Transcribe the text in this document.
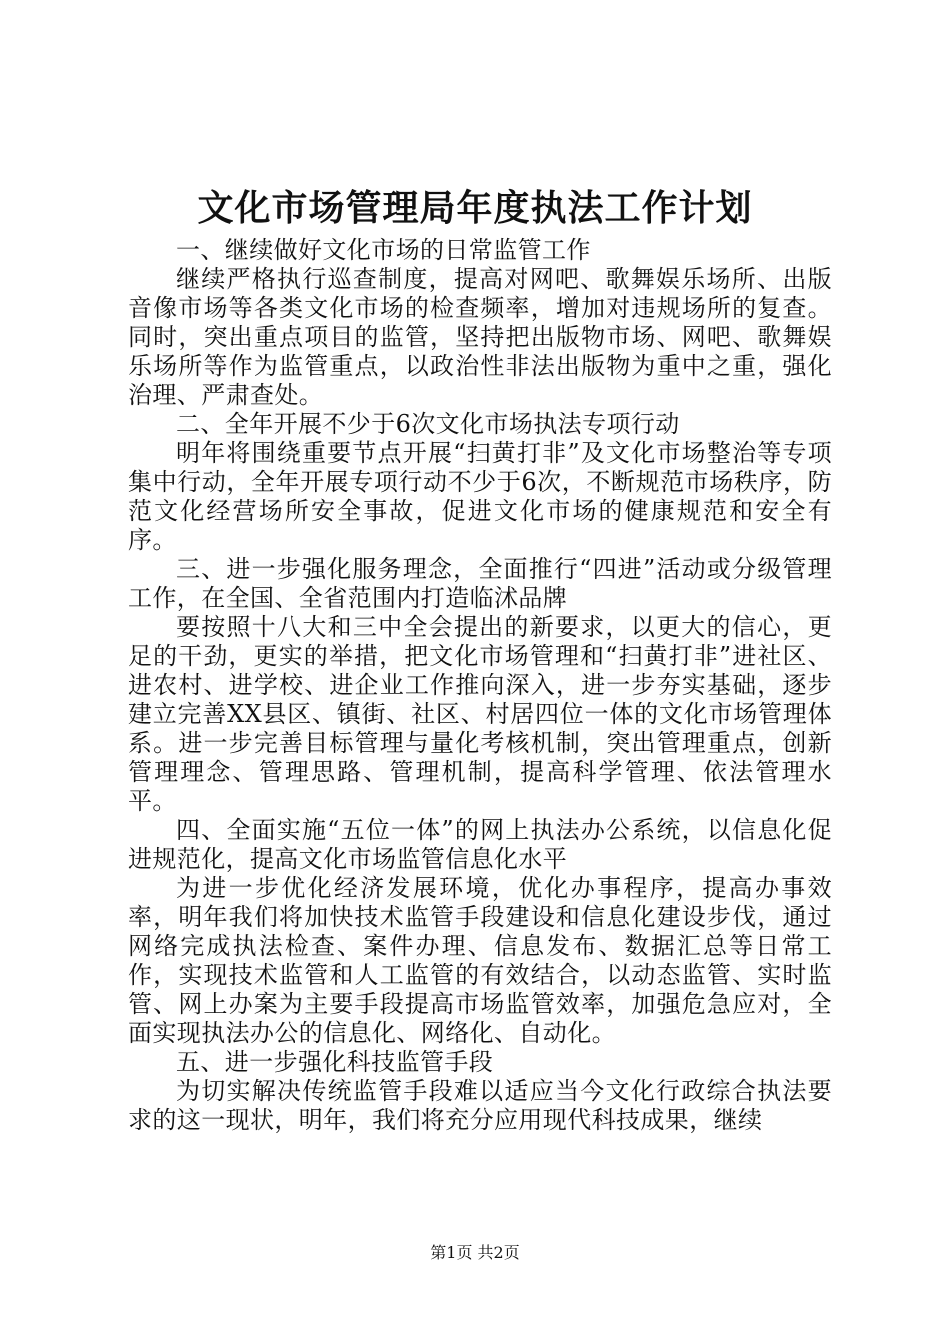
文化市场管理局年度执法工作计划

一、继续做好文化市场的日常监管工作

继续严格执行巡查制度，提高对网吧、歌舞娱乐场所、出版音像市场等各类文化市场的检查频率，增加对违规场所的复查。同时，突出重点项目的监管，坚持把出版物市场、网吧、歌舞娱乐场所等作为监管重点，以政治性非法出版物为重中之重，强化治理、严肃查处。

二、全年开展不少于6次文化市场执法专项行动

明年将围绕重要节点开展“扫黄打非”及文化市场整治等专项集中行动，全年开展专项行动不少于6次，不断规范市场秩序，防范文化经营场所安全事故，促进文化市场的健康规范和安全有序。

三、进一步强化服务理念，全面推行“四进”活动或分级管理工作，在全国、全省范围内打造临沭品牌

要按照十八大和三中全会提出的新要求，以更大的信心，更足的干劲，更实的举措，把文化市场管理和“扫黄打非”进社区、进农村、进学校、进企业工作推向深入，进一步夯实基础，逐步建立完善XX县区、镇街、社区、村居四位一体的文化市场管理体系。进一步完善目标管理与量化考核机制，突出管理重点，创新管理理念、管理思路、管理机制，提高科学管理、依法管理水平。

四、全面实施“五位一体”的网上执法办公系统，以信息化促进规范化，提高文化市场监管信息化水平

为进一步优化经济发展环境，优化办事程序，提高办事效率，明年我们将加快技术监管手段建设和信息化建设步伐，通过网络完成执法检查、案件办理、信息发布、数据汇总等日常工作，实现技术监管和人工监管的有效结合，以动态监管、实时监管、网上办案为主要手段提高市场监管效率，加强危急应对，全面实现执法办公的信息化、网络化、自动化。

五、进一步强化科技监管手段

为切实解决传统监管手段难以适应当今文化行政综合执法要求的这一现状，明年，我们将充分应用现代科技成果，继续

第1页 共2页
